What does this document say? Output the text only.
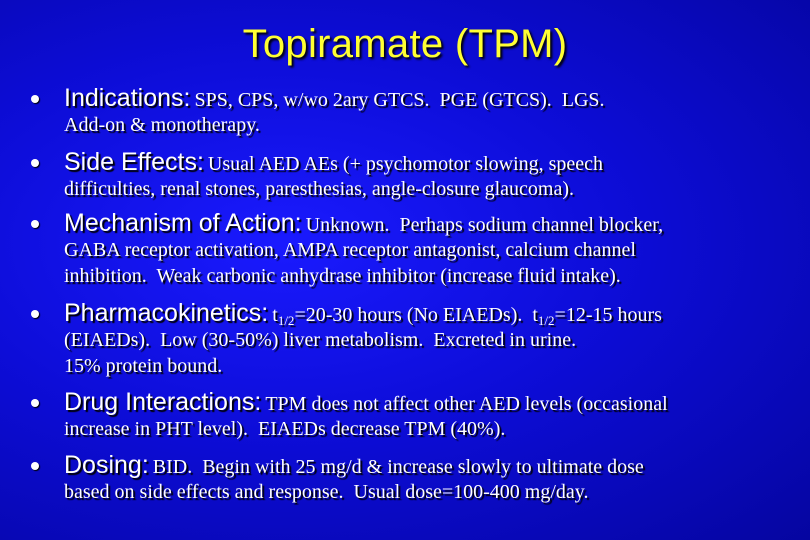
Topiramate (TPM)
Indications: SPS, CPS, w/wo 2ary GTCS.  PGE (GTCS).  LGS.
Add-on & monotherapy.
Side Effects: Usual AED AEs (+ psychomotor slowing, speech
difficulties, renal stones, paresthesias, angle-closure glaucoma).
Mechanism of Action: Unknown.  Perhaps sodium channel blocker,
GABA receptor activation, AMPA receptor antagonist, calcium channel
inhibition.  Weak carbonic anhydrase inhibitor (increase fluid intake).
Pharmacokinetics: $t_{1/2}=20-30$ hours (No EIAEDs).  $t_{1/2}=12-15$ hours
(EIAEDs).  Low (30-50%) liver metabolism.  Excreted in urine.
15% protein bound.
Drug Interactions: TPM does not affect other AED levels (occasional
increase in PHT level).  EIAEDs decrease TPM (40%).
Dosing: BID.  Begin with 25 mg/d & increase slowly to ultimate dose
based on side effects and response.  Usual dose=100-400 mg/day.
